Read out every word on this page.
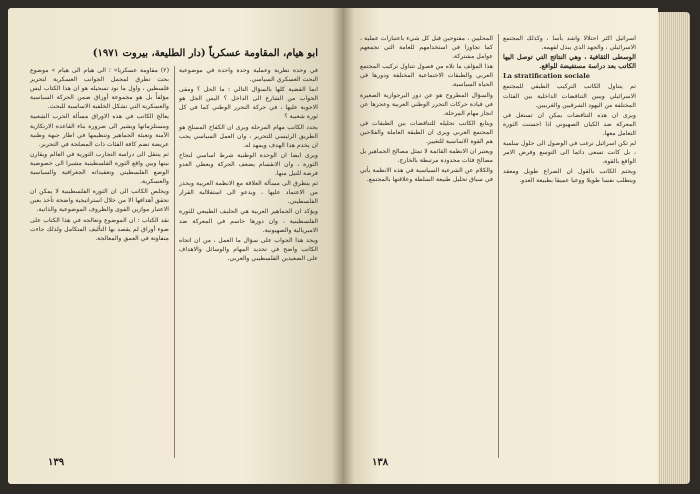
ابو هيام، المقاومة عسكرياً (دار الطليعة، بيروت ١٩٧١)

(٢) مقاومة عسكريا» ؛ الى هيام الى هيام » موضوع بحث تطرق لمجمل الجوانب العسكرية لتحرير فلسطين ، واول ما نود تسجيله هو ان هذا الكتاب ليس مؤلفاً بل هو مجموعة أوراق ضمن الحركة السياسية والعسكرية التي تشكل الخلفية الاساسية للبحث.

يعالج الكاتب في هذه الاوراق مسألة الحرب الشعبية ومستلزماتها ويشير الى ضرورة بناء القاعدة الارتكازية الآمنة وتعبئة الجماهير وتنظيمها في اطار جبهة وطنية عريضة تضم كافة الفئات ذات المصلحة في التحرير.

ثم ينتقل الى دراسة التجارب الثورية في العالم ويقارن بينها وبين واقع الثورة الفلسطينية مشيرا الى خصوصية الوضع الفلسطيني وتعقيداته الجغرافية والسياسية والعسكرية.

ويخلص الكاتب الى ان الثورة الفلسطينية لا يمكن ان تحقق أهدافها الا من خلال استراتيجية واضحة تأخذ بعين الاعتبار موازين القوى والظروف الموضوعية والذاتية.

نقد الكتاب : ان الموضوع وتعالجه في هذا الكتاب على ضوء أوراق لم يقصد بها التأليف المتكامل ولذلك جاءت متفاوتة في العمق والمعالجة.

في وحدة نظرية وعملية وحدة واحدة في موضوعية البحث العسكري السياسي.

انما القضية كلها بالسؤال التالي : ما الحل ؟ ومقى الجواب من الشارع الى الداخل ؟ اليس الحل هو الاجوبة عليها ، في حركة التحرر الوطني كما في كل ثورة شعبية ؟

يحدد الكاتب مهام المرحلة ويرى ان الكفاح المسلح هو الطريق الرئيسي للتحرير ، وان العمل السياسي يجب ان يخدم هذا الهدف ويمهد له.

ويرى ايضا ان الوحدة الوطنية شرط اساسي لنجاح الثورة ، وان الانقسام يضعف الحركة ويعطي العدو فرصة للنيل منها.

ثم يتطرق الى مسألة العلاقة مع الانظمة العربية ويحذر من الاعتماد عليها ، ويدعو الى استقلالية القرار الفلسطيني.

ويؤكد ان الجماهير العربية هي الحليف الطبيعي للثورة الفلسطينية ، وان دورها حاسم في المعركة ضد الامبريالية والصهيونية.

ويجد هذا الجواب على سؤال ما العمل ، من ان اتجاه الكاتب واضح في تحديد المهام والوسائل والاهداف على الصعيدين الفلسطيني والعربي.

١٣٩

المحليين ، مفتوحين قبل كل شيء باعتبارات عملية ، كما تجاوزا في استخدامهم للعامة التي تجمعهم عوامل مشتركة.

هذا المؤلف ما تلاه من فصول تتناول تركيب المجتمع العربي والطبقات الاجتماعية المختلفة ودورها في الحياة السياسية.

والسؤال المطروح هو عن دور البرجوازية الصغيرة في قيادة حركات التحرر الوطني العربية وعجزها عن انجاز مهام المرحلة.

ويتابع الكاتب تحليله للتناقضات بين الطبقات في المجتمع العربي ويرى ان الطبقة العاملة والفلاحين هم القوة الاساسية للتغيير.

ويعتبر ان الانظمة القائمة لا تمثل مصالح الجماهير بل مصالح فئات محدودة مرتبطة بالخارج.

والكلام عن الشرعية السياسية في هذه الانظمة يأتي في سياق تحليل طبيعة السلطة وعلاقتها بالمجتمع.

اسرائيل اكثر احتلالا واشد بأسا ، وكذلك المجتمع الاسرائيلي ، والجهد الذي يبذل لفهمه.

الوسطى الثقافية ، وهي النتائج التي توصل اليها الكاتب بعد دراسة مستفيضة للواقع.

La stratification sociale

ثم يتناول الكاتب التركيب الطبقي للمجتمع الاسرائيلي ويبين التناقضات الداخلية بين الفئات المختلفة من اليهود الشرقيين والغربيين.

ويرى ان هذه التناقضات يمكن ان تستغل في المعركة ضد الكيان الصهيوني اذا احسنت الثورة التعامل معها.

لم تكن اسرائيل ترغب في الوصول الى حلول سلمية ، بل كانت تسعى دائما الى التوسع وفرض الامر الواقع بالقوة.

ويختم الكاتب بالقول ان الصراع طويل ومعقد ويتطلب نفسا طويلا ووعيا عميقا بطبيعة العدو.

١٣٨
